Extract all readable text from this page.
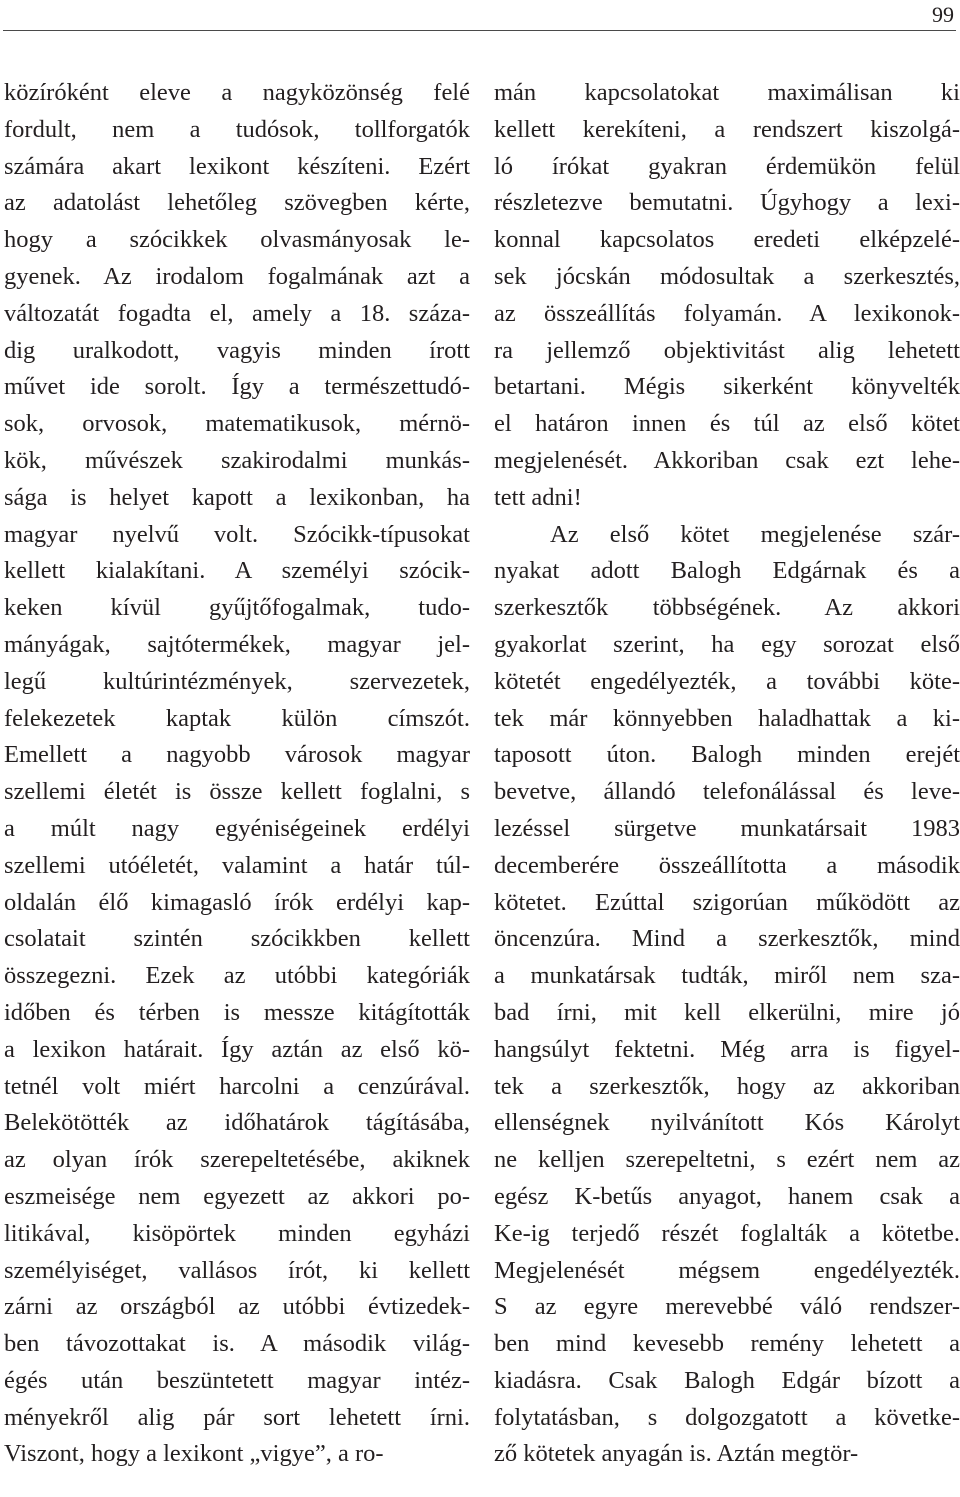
99
közíróként eleve a nagyközönség felé
fordult, nem a tudósok, tollforgatók
számára akart lexikont készíteni. Ezért
az adatolást lehetőleg szövegben kérte,
hogy a szócikkek olvasmányosak le-
gyenek. Az irodalom fogalmának azt a
változatát fogadta el, amely a 18. száza-
dig uralkodott, vagyis minden írott
művet ide sorolt. Így a természettudó-
sok, orvosok, matematikusok, mérnö-
kök, művészek szakirodalmi munkás-
sága is helyet kapott a lexikonban, ha
magyar nyelvű volt. Szócikk-típusokat
kellett kialakítani. A személyi szócik-
keken kívül gyűjtőfogalmak, tudo-
mányágak, sajtótermékek, magyar jel-
legű kultúrintézmények, szervezetek,
felekezetek kaptak külön címszót.
Emellett a nagyobb városok magyar
szellemi életét is össze kellett foglalni, s
a múlt nagy egyéniségeinek erdélyi
szellemi utóéletét, valamint a határ túl-
oldalán élő kimagasló írók erdélyi kap-
csolatait szintén szócikkben kellett
összegezni. Ezek az utóbbi kategóriák
időben és térben is messze kitágították
a lexikon határait. Így aztán az első kö-
tetnél volt miért harcolni a cenzúrával.
Belekötötték az időhatárok tágításába,
az olyan írók szerepeltetésébe, akiknek
eszmeisége nem egyezett az akkori po-
litikával, kisöpörtek minden egyházi
személyiséget, vallásos írót, ki kellett
zárni az országból az utóbbi évtizedek-
ben távozottakat is. A második világ-
égés után beszüntetett magyar intéz-
ményekről alig pár sort lehetett írni.
Viszont, hogy a lexikont „vigye”, a ro-
mán kapcsolatokat maximálisan ki
kellett kerekíteni, a rendszert kiszolgá-
ló írókat gyakran érdemükön felül
részletezve bemutatni. Úgyhogy a lexi-
konnal kapcsolatos eredeti elképzelé-
sek jócskán módosultak a szerkesztés,
az összeállítás folyamán. A lexikonok-
ra jellemző objektivitást alig lehetett
betartani. Mégis sikerként könyvelték
el határon innen és túl az első kötet
megjelenését. Akkoriban csak ezt lehe-
tett adni!
Az első kötet megjelenése szár-
nyakat adott Balogh Edgárnak és a
szerkesztők többségének. Az akkori
gyakorlat szerint, ha egy sorozat első
kötetét engedélyezték, a további köte-
tek már könnyebben haladhattak a ki-
taposott úton. Balogh minden erejét
bevetve, állandó telefonálással és leve-
lezéssel sürgetve munkatársait 1983
decemberére összeállította a második
kötetet. Ezúttal szigorúan működött az
öncenzúra. Mind a szerkesztők, mind
a munkatársak tudták, miről nem sza-
bad írni, mit kell elkerülni, mire jó
hangsúlyt fektetni. Még arra is figyel-
tek a szerkesztők, hogy az akkoriban
ellenségnek nyilvánított Kós Károlyt
ne kelljen szerepeltetni, s ezért nem az
egész K-betűs anyagot, hanem csak a
Ke-ig terjedő részét foglalták a kötetbe.
Megjelenését mégsem engedélyezték.
S az egyre merevebbé váló rendszer-
ben mind kevesebb remény lehetett a
kiadásra. Csak Balogh Edgár bízott a
folytatásban, s dolgozgatott a követke-
ző kötetek anyagán is. Aztán megtör-
